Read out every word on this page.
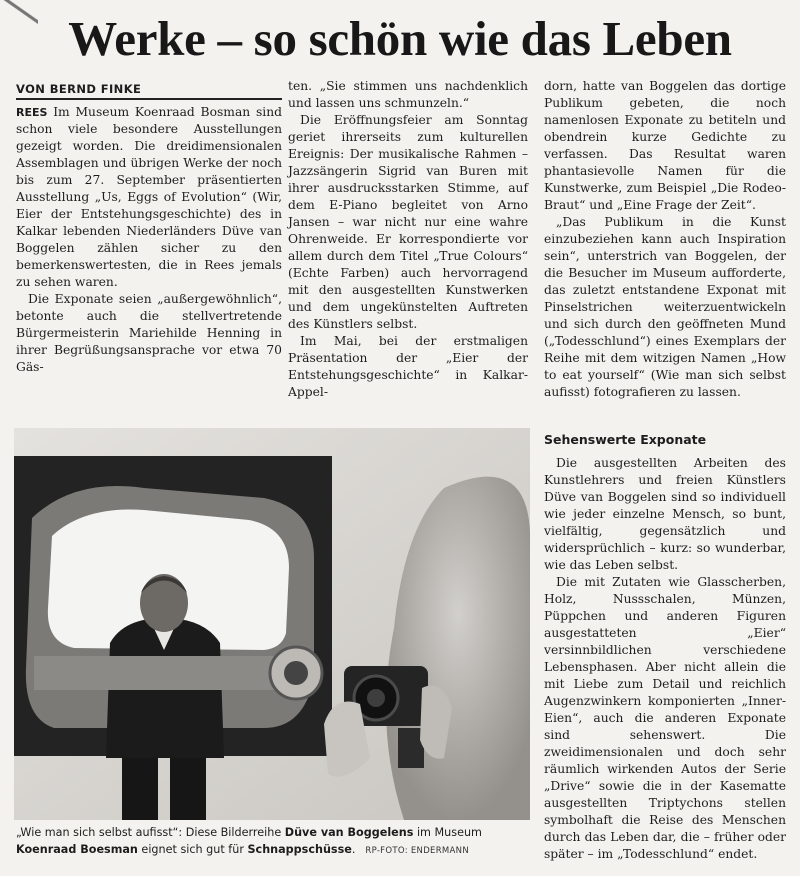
Werke – so schön wie das Leben
VON BERND FINKE

REES Im Museum Koenraad Bosman sind schon viele besondere Ausstellungen gezeigt worden. Die dreidimensionalen Assemblagen und übrigen Werke der noch bis zum 27. September präsentierten Ausstellung „Us, Eggs of Evolution“ (Wir, Eier der Entstehungsgeschichte) des in Kalkar lebenden Niederländers Düve van Boggelen zählen sicher zu den bemerkenswertesten, die in Rees jemals zu sehen waren.

Die Exponate seien „außergewöhnlich“, betonte auch die stellvertretende Bürgermeisterin Mariehilde Henning in ihrer Begrüßungsansprache vor etwa 70 Gäs-

ten. „Sie stimmen uns nachdenklich und lassen uns schmunzeln.“

Die Eröffnungsfeier am Sonntag geriet ihrerseits zum kulturellen Ereignis: Der musikalische Rahmen – Jazzsängerin Sigrid van Buren mit ihrer ausdrucksstarken Stimme, auf dem E-Piano begleitet von Arno Jansen – war nicht nur eine wahre Ohrenweide. Er korrespondierte vor allem durch dem Titel „True Colours“ (Echte Farben) auch hervorragend mit den ausgestellten Kunstwerken und dem ungekünstelten Auftreten des Künstlers selbst.

Im Mai, bei der erstmaligen Präsentation der „Eier der Entstehungsgeschichte“ in Kalkar-Appel-

dorn, hatte van Boggelen das dortige Publikum gebeten, die noch namenlosen Exponate zu betiteln und obendrein kurze Gedichte zu verfassen. Das Resultat waren phantasievolle Namen für die Kunstwerke, zum Beispiel „Die Rodeo-Braut“ und „Eine Frage der Zeit“.

„Das Publikum in die Kunst einzubeziehen kann auch Inspiration sein“, unterstrich van Boggelen, der die Besucher im Museum aufforderte, das zuletzt entstandene Exponat mit Pinselstrichen weiterzuentwickeln und sich durch den geöffneten Mund („Todesschlund“) eines Exemplars der Reihe mit dem witzigen Namen „How to eat yourself“ (Wie man sich selbst aufisst) fotografieren zu lassen.

Sehenswerte Exponate

Die ausgestellten Arbeiten des Kunstlehrers und freien Künstlers Düve van Boggelen sind so individuell wie jeder einzelne Mensch, so bunt, vielfältig, gegensätzlich und widersprüchlich – kurz: so wunderbar, wie das Leben selbst.

Die mit Zutaten wie Glasscherben, Holz, Nussschalen, Münzen, Püppchen und anderen Figuren ausgestatteten „Eier“ versinnbildlichen verschiedene Lebensphasen. Aber nicht allein die mit Liebe zum Detail und reichlich Augenzwinkern komponierten „Inner-Eien“, auch die anderen Exponate sind sehenswert. Die zweidimensionalen und doch sehr räumlich wirkenden Autos der Serie „Drive“ sowie die in der Kasematte ausgestellten Triptychons stellen symbolhaft die Reise des Menschen durch das Leben dar, die – früher oder später – im „Todesschlund“ endet.

„Wie man sich selbst aufisst“: Diese Bilderreihe Düve van Boggelens im Museum
Koenraad Boesman eignet sich gut für Schnappschüsse. RP-FOTO: ENDERMANN
